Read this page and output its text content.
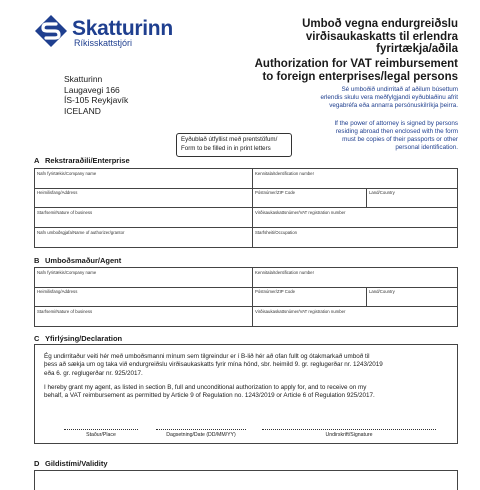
Skatturinn
Ríkisskattstjóri
Umboð vegna endurgreiðslu
virðisaukaskatts til erlendra
fyrirtækja/aðila
Authorization for VAT reimbursement
to foreign enterprises/legal persons
Sé umboðið undirritað af aðilum búsettum
erlendis skulu vera meðfylgjandi eyðublaðinu afrit
vegabréfa eða annarra persónuskilríkja þeirra.
If the power of attorney is signed by persons
residing abroad then enclosed with the form
must be copies of their passports or other
personal identification.
Skatturinn
Laugavegi 166
ÍS-105 Reykjavík
ICELAND
Eyðublað útfyllist með prentstöfum/
Form to be filled in in print letters
A Rekstraraðili/Enterprise
Nafn fyrirtækis/Company name	Kennitala/Identification number
Heimilisfang/Address	Póstnúmer/ZIP Code	Land/Country
Starfsemi/Nature of business	Virðisaukaskattsnúmer/VAT registration number
Nafn umboðsgjafa/Name of authorizer/grantor	Starfsheiti/Occupation
B Umboðsmaður/Agent
Nafn fyrirtækis/Company name	Kennitala/Identification number
Heimilisfang/Address	Póstnúmer/ZIP Code	Land/Country
Starfsemi/Nature of business	Virðisaukaskattsnúmer/VAT registration number
C Yfirlýsing/Declaration
Ég undirritaður veiti hér með umboðsmanni mínum sem tilgreindur er í B-lið hér að ofan fullt og ótakmarkað umboð til
þess að sækja um og taka við endurgreiðslu virðisaukaskatts fyrir mína hönd, sbr. heimild 9. gr. reglugerðar nr. 1243/2019
eða 6. gr. reglugerðar nr. 925/2017.
I hereby grant my agent, as listed in section B, full and unconditional authorization to apply for, and to receive on my
behalf, a VAT reimbursement as permitted by Article 9 of Regulation no. 1243/2019 or Article 6 of Regulation 925/2017.
Staður/Place	Dagsetning/Date (DD/MM/YY)	Undirskrift/Signature
D Gildistími/Validity
